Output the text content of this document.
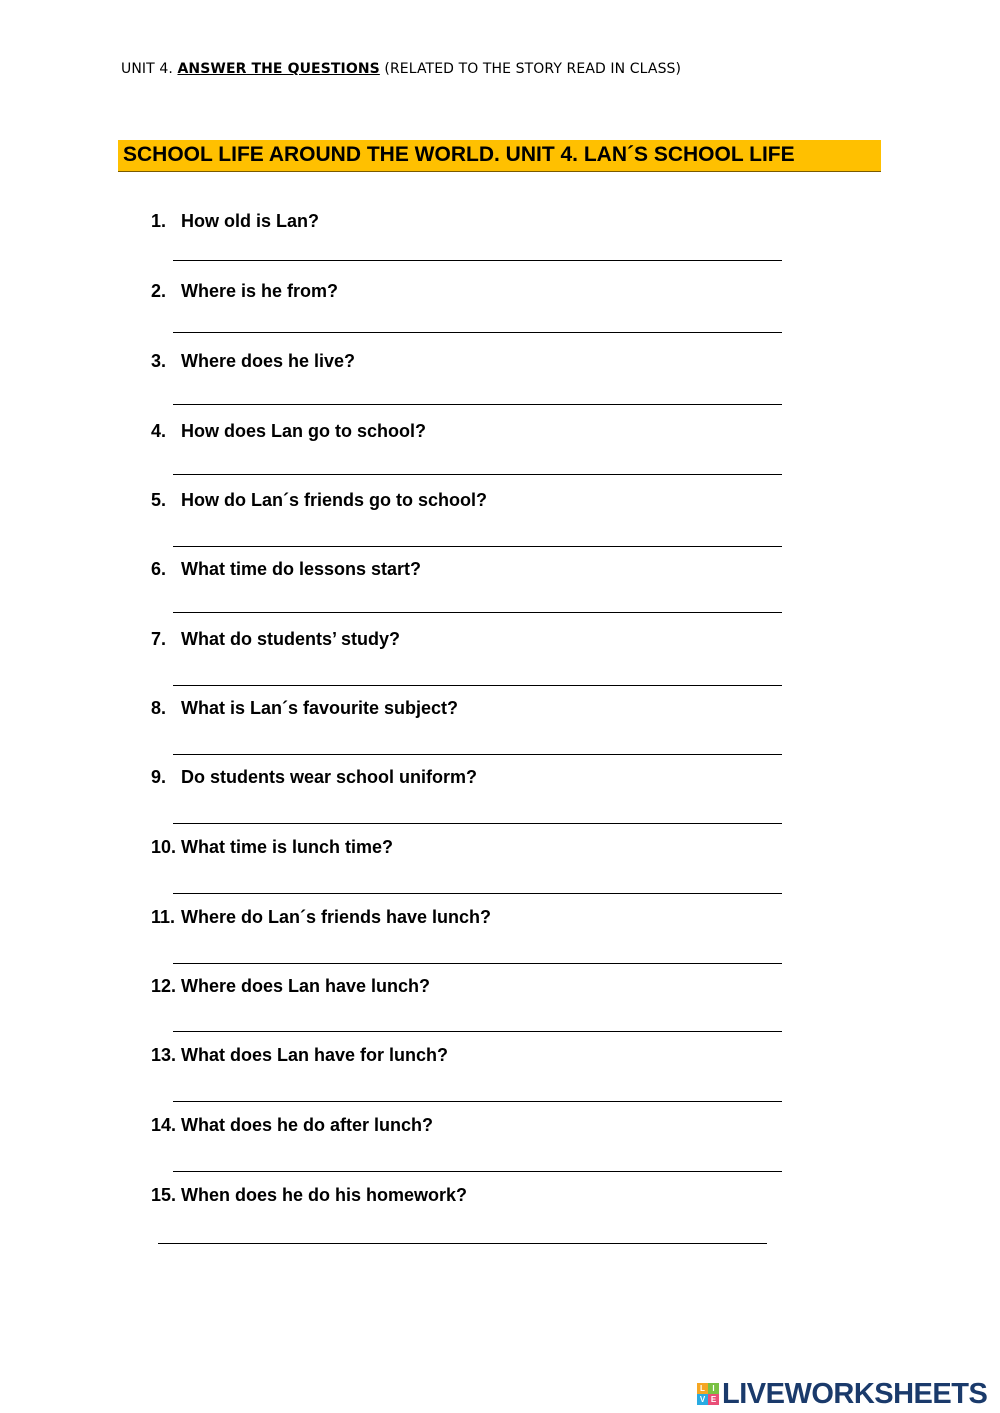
UNIT 4. ANSWER THE QUESTIONS (RELATED TO THE STORY READ IN CLASS)
SCHOOL LIFE AROUND THE WORLD. UNIT 4. LAN´S SCHOOL LIFE
1. How old is Lan?
2. Where is he from?
3. Where does he live?
4. How does Lan go to school?
5. How do Lan´s friends go to school?
6. What time do lessons start?
7. What do students’ study?
8. What is Lan´s favourite subject?
9. Do students wear school uniform?
10. What time is lunch time?
11. Where do Lan´s friends have lunch?
12. Where does Lan have lunch?
13. What does Lan have for lunch?
14. What does he do after lunch?
15. When does he do his homework?
L I
V E LIVEWORKSHEETS
